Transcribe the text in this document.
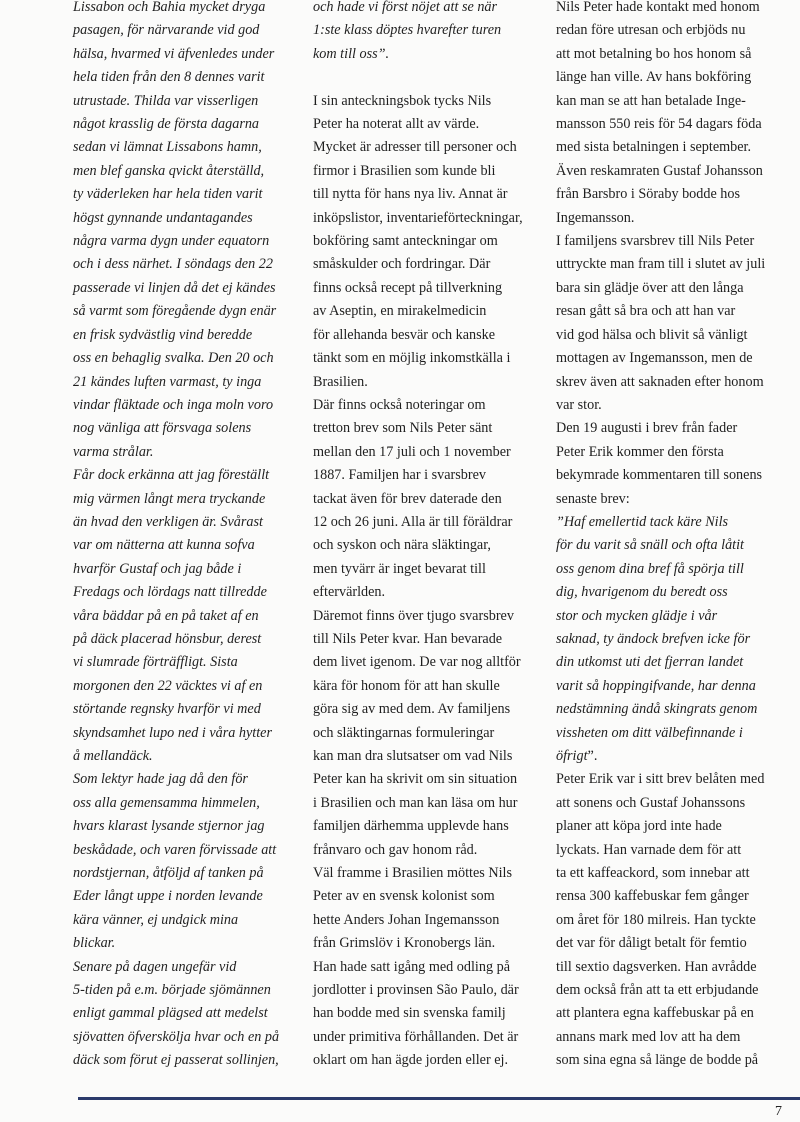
Lissabon och Bahia mycket dryga
pasagen, för närvarande vid god
hälsa, hvarmed vi äfvenledes under
hela tiden från den 8 dennes varit
utrustade. Thilda var visserligen
något krasslig de första dagarna
sedan vi lämnat Lissabons hamn,
men blef ganska qvickt återställd,
ty väderleken har hela tiden varit
högst gynnande undantagandes
några varma dygn under equatorn
och i dess närhet. I söndags den 22
passerade vi linjen då det ej kändes
så varmt som föregående dygn enär
en frisk sydvästlig vind beredde
oss en behaglig svalka. Den 20 och
21 kändes luften varmast, ty inga
vindar fläktade och inga moln voro
nog vänliga att försvaga solens
varma strålar.
Får dock erkänna att jag föreställt
mig värmen långt mera tryckande
än hvad den verkligen är. Svårast
var om nätterna att kunna sofva
hvarför Gustaf och jag både i
Fredags och lördags natt tillredde
våra bäddar på en på taket af en
på däck placerad hönsbur, derest
vi slumrade förträffligt. Sista
morgonen den 22 väcktes vi af en
störtande regnsky hvarför vi med
skyndsamhet lupo ned i våra hytter
å mellandäck.
Som lektyr hade jag då den för
oss alla gemensamma himmelen,
hvars klarast lysande stjernor jag
beskådade, och varen förvissade att
nordstjernan, åtföljd af tanken på
Eder långt uppe i norden levande
kära vänner, ej undgick mina
blickar.
Senare på dagen ungefär vid
5-tiden på e.m. började sjömännen
enligt gammal plägsed att medelst
sjövatten öfverskölja hvar och en på
däck som förut ej passerat sollinjen,

och hade vi först nöjet att se när
1:ste klass döptes hvarefter turen
kom till oss”.

I sin anteckningsbok tycks Nils
Peter ha noterat allt av värde.
Mycket är adresser till personer och
firmor i Brasilien som kunde bli
till nytta för hans nya liv. Annat är
inköpslistor, inventarieförteckningar,
bokföring samt anteckningar om
småskulder och fordringar. Där
finns också recept på tillverkning
av Aseptin, en mirakelmedicin
för allehanda besvär och kanske
tänkt som en möjlig inkomstkälla i
Brasilien.
Där finns också noteringar om
tretton brev som Nils Peter sänt
mellan den 17 juli och 1 november
1887. Familjen har i svarsbrev
tackat även för brev daterade den
12 och 26 juni. Alla är till föräldrar
och syskon och nära släktingar,
men tyvärr är inget bevarat till
eftervärlden.
Däremot finns över tjugo svarsbrev
till Nils Peter kvar. Han bevarade
dem livet igenom. De var nog alltför
kära för honom för att han skulle
göra sig av med dem. Av familjens
och släktingarnas formuleringar
kan man dra slutsatser om vad Nils
Peter kan ha skrivit om sin situation
i Brasilien och man kan läsa om hur
familjen därhemma upplevde hans
frånvaro och gav honom råd.
Väl framme i Brasilien möttes Nils
Peter av en svensk kolonist som
hette Anders Johan Ingemansson
från Grimslöv i Kronobergs län.
Han hade satt igång med odling på
jordlotter i provinsen São Paulo, där
han bodde med sin svenska familj
under primitiva förhållanden. Det är
oklart om han ägde jorden eller ej.

Nils Peter hade kontakt med honom
redan före utresan och erbjöds nu
att mot betalning bo hos honom så
länge han ville. Av hans bokföring
kan man se att han betalade Inge-
mansson 550 reis för 54 dagars föda
med sista betalningen i september.
Även reskamraten Gustaf Johansson
från Barsbro i Söraby bodde hos
Ingemansson.
I familjens svarsbrev till Nils Peter
uttryckte man fram till i slutet av juli
bara sin glädje över att den långa
resan gått så bra och att han var
vid god hälsa och blivit så vänligt
mottagen av Ingemansson, men de
skrev även att saknaden efter honom
var stor.
Den 19 augusti i brev från fader
Peter Erik kommer den första
bekymrade kommentaren till sonens
senaste brev:
”Haf emellertid tack käre Nils
för du varit så snäll och ofta låtit
oss genom dina bref få spörja till
dig, hvarigenom du beredt oss
stor och mycken glädje i vår
saknad, ty ändock brefven icke för
din utkomst uti det fjerran landet
varit så hoppingifvande, har denna
nedstämning ändå skingrats genom
vissheten om ditt välbefinnande i
öfrigt”.
Peter Erik var i sitt brev belåten med
att sonens och Gustaf Johanssons
planer att köpa jord inte hade
lyckats. Han varnade dem för att
ta ett kaffeackord, som innebar att
rensa 300 kaffebuskar fem gånger
om året för 180 milreis. Han tyckte
det var för dåligt betalt för femtio
till sextio dagsverken. Han avrådde
dem också från att ta ett erbjudande
att plantera egna kaffebuskar på en
annans mark med lov att ha dem
som sina egna så länge de bodde på

7
